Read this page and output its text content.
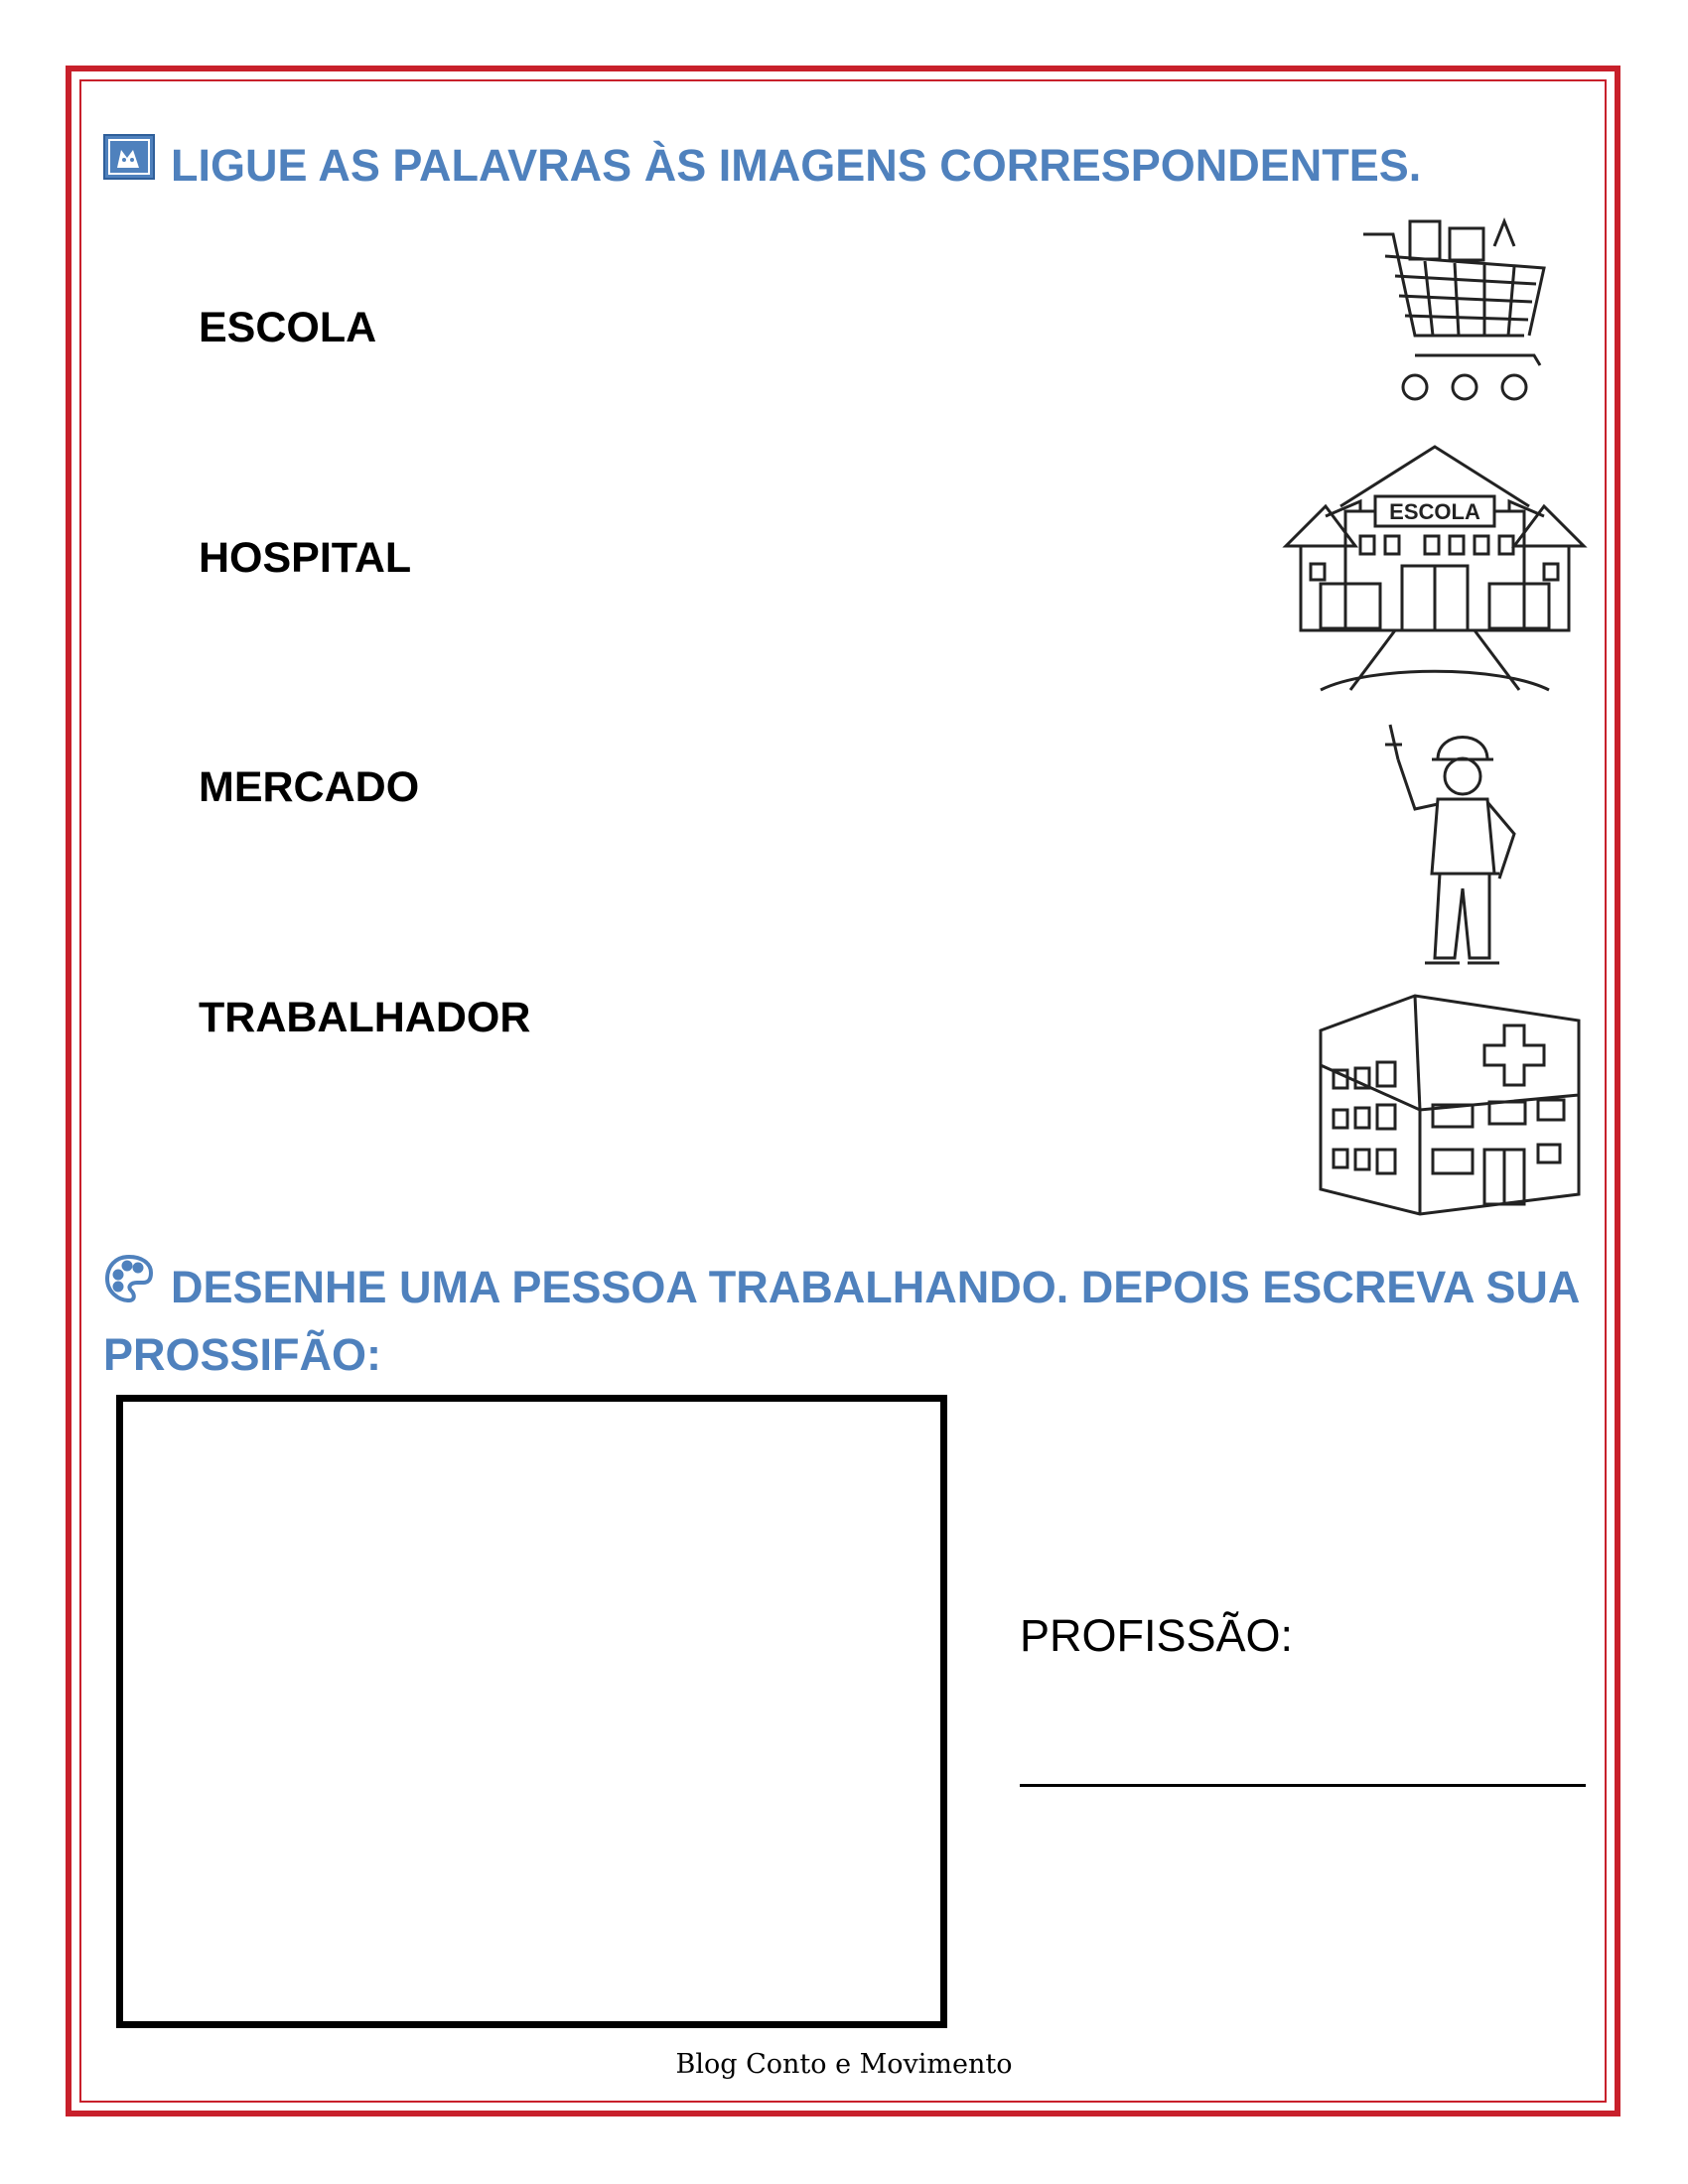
LIGUE AS PALAVRAS ÀS IMAGENS CORRESPONDENTES.

ESCOLA

HOSPITAL

MERCADO

TRABALHADOR

ESCOLA
DESENHE UMA PESSOA TRABALHANDO. DEPOIS ESCREVA SUA PROSSIFÃO:
PROFISSÃO:
Blog Conto e Movimento
